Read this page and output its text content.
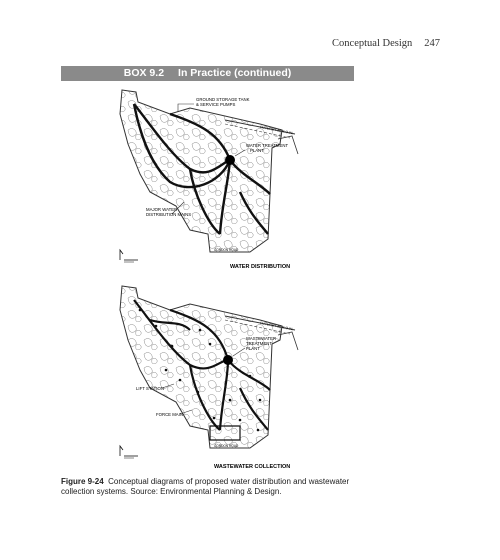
Conceptual Design 247
BOX 9.2 In Practice (continued)
GROUND STORAGE TANK
& SERVICE PUMPS
WATER TREATMENT
PLANT
MAJOR WATER
DISTRIBUTION MAINS
FUTURE I-10 R.O.W.
CORDON ROAD
WATER DISTRIBUTION
WASTEWATER
TREATMENT
PLANT
LIFT STATION
FORCE MAIN
FUTURE I-10 R.O.W.
CORDON ROAD
WASTEWATER COLLECTION
Figure 9-24 Conceptual diagrams of proposed water distribution and wastewater collection systems. Source: Environmental Planning & Design.
